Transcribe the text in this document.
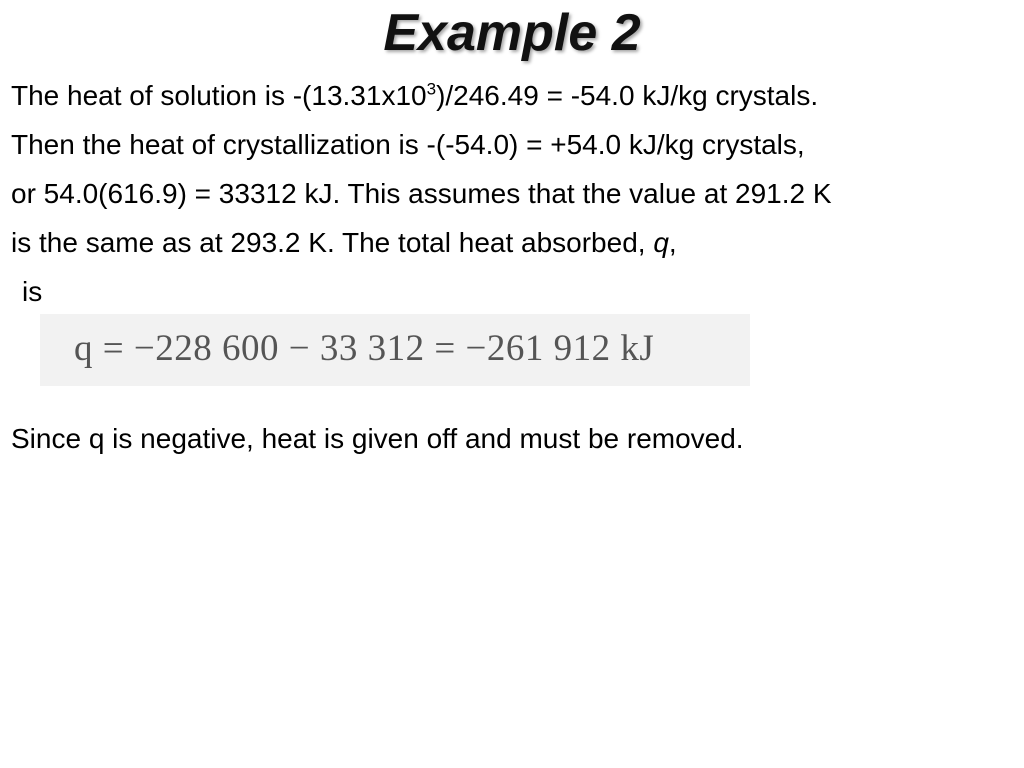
Example 2
The heat of solution is $-(13.31x10^3)/246.49 = -54.0$ kJ/kg crystals.
Then the heat of crystallization is -(-54.0) = +54.0 kJ/kg crystals,
or 54.0(616.9) = 33312 kJ. This assumes that the value at 291.2 K
is the same as at 293.2 K. The total heat absorbed, q,
is
q = −228 600 − 33 312 = −261 912 kJ
Since q is negative, heat is given off and must be removed.
